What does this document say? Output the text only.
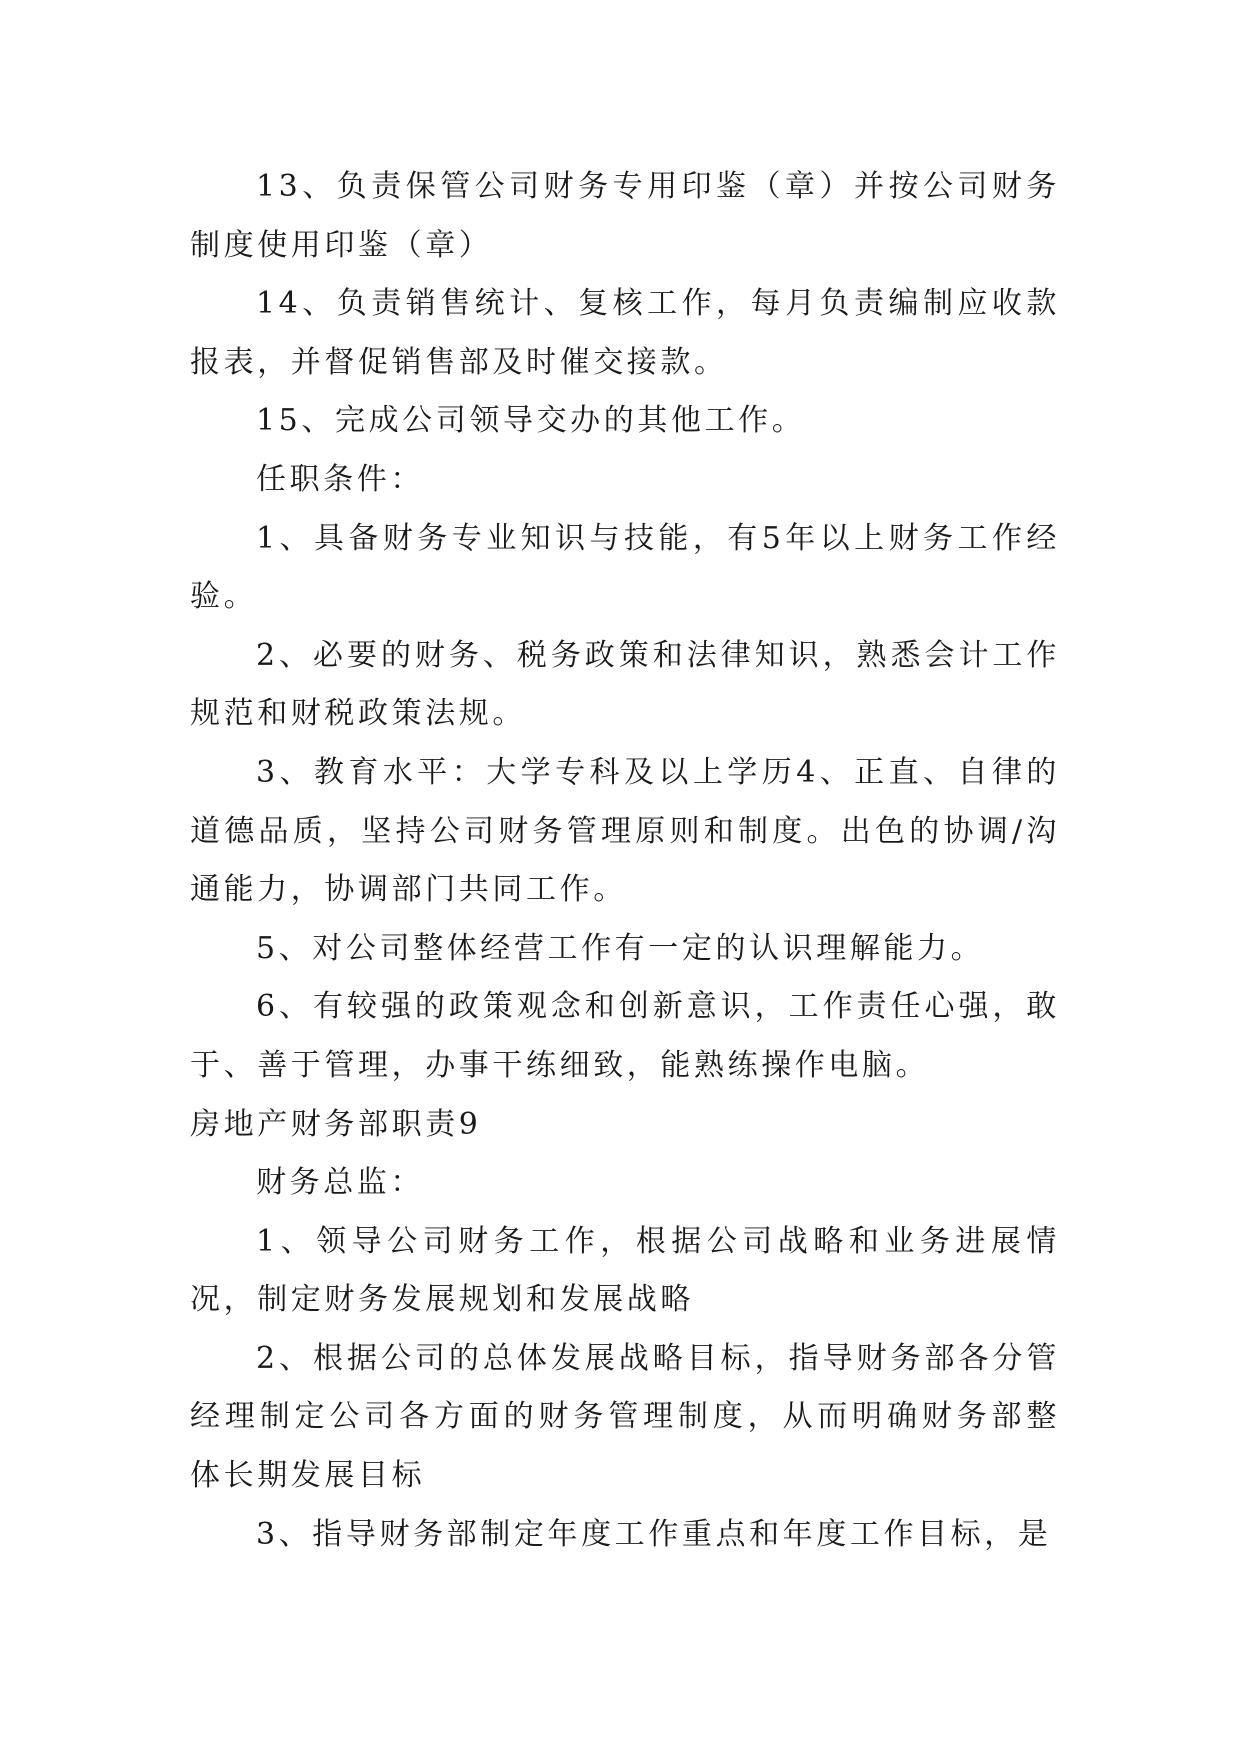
13、负责保管公司财务专用印鉴（章）并按公司财务制度使用印鉴（章）

14、负责销售统计、复核工作，每月负责编制应收款报表，并督促销售部及时催交接款。

15、完成公司领导交办的其他工作。

任职条件：

1、具备财务专业知识与技能，有5年以上财务工作经验。

2、必要的财务、税务政策和法律知识，熟悉会计工作规范和财税政策法规。

3、教育水平：大学专科及以上学历4、正直、自律的道德品质，坚持公司财务管理原则和制度。出色的协调/沟通能力，协调部门共同工作。

5、对公司整体经营工作有一定的认识理解能力。

6、有较强的政策观念和创新意识，工作责任心强，敢于、善于管理，办事干练细致，能熟练操作电脑。

房地产财务部职责9

财务总监：

1、领导公司财务工作，根据公司战略和业务进展情况，制定财务发展规划和发展战略

2、根据公司的总体发展战略目标，指导财务部各分管经理制定公司各方面的财务管理制度，从而明确财务部整体长期发展目标

3、指导财务部制定年度工作重点和年度工作目标，是
